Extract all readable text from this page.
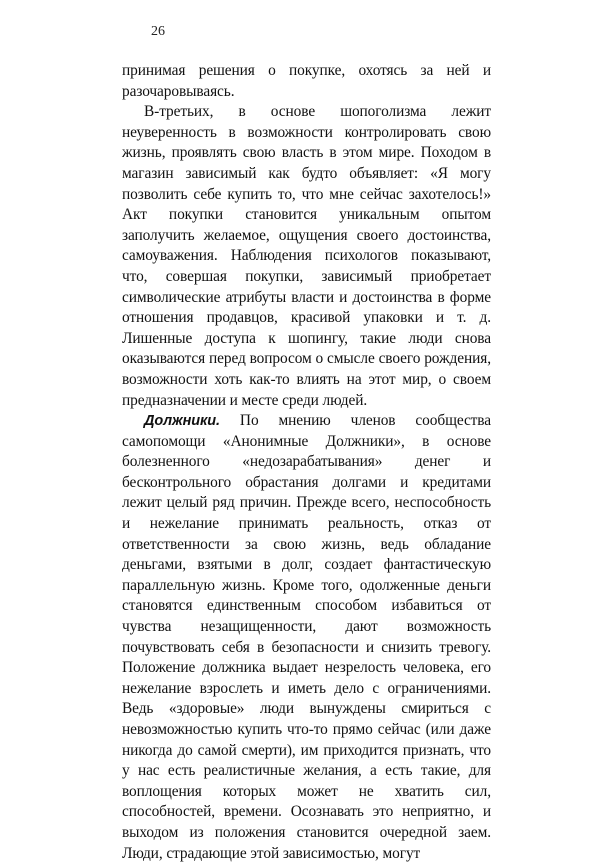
26

принимая решения о покупке, охотясь за ней и разочаровываясь.

В-третьих, в основе шопоголизма лежит неуверенность в возможности контролировать свою жизнь, проявлять свою власть в этом мире. Походом в магазин зависимый как будто объявляет: «Я могу позволить себе купить то, что мне сейчас захотелось!» Акт покупки становится уникальным опытом заполучить желаемое, ощущения своего достоинства, самоуважения. Наблюдения психологов показывают, что, совершая покупки, зависимый приобретает символические атрибуты власти и достоинства в форме отношения продавцов, красивой упаковки и т. д. Лишенные доступа к шопингу, такие люди снова оказываются перед вопросом о смысле своего рождения, возможности хоть как-то влиять на этот мир, о своем предназначении и месте среди людей.

Должники. По мнению членов сообщества самопомощи «Анонимные Должники», в основе болезненного «недозарабатывания» денег и бесконтрольного обрастания долгами и кредитами лежит целый ряд причин. Прежде всего, неспособность и нежелание принимать реальность, отказ от ответственности за свою жизнь, ведь обладание деньгами, взятыми в долг, создает фантастическую параллельную жизнь. Кроме того, одолженные деньги становятся единственным способом избавиться от чувства незащищенности, дают возможность почувствовать себя в безопасности и снизить тревогу. Положение должника выдает незрелость человека, его нежелание взрослеть и иметь дело с ограничениями. Ведь «здоровые» люди вынуждены смириться с невозможностью купить что-то прямо сейчас (или даже никогда до самой смерти), им приходится признать, что у нас есть реалистичные желания, а есть такие, для воплощения которых может не хватить сил, способностей, времени. Осознавать это неприятно, и выходом из положения становится очередной заем. Люди, страдающие этой зависимостью, могут
